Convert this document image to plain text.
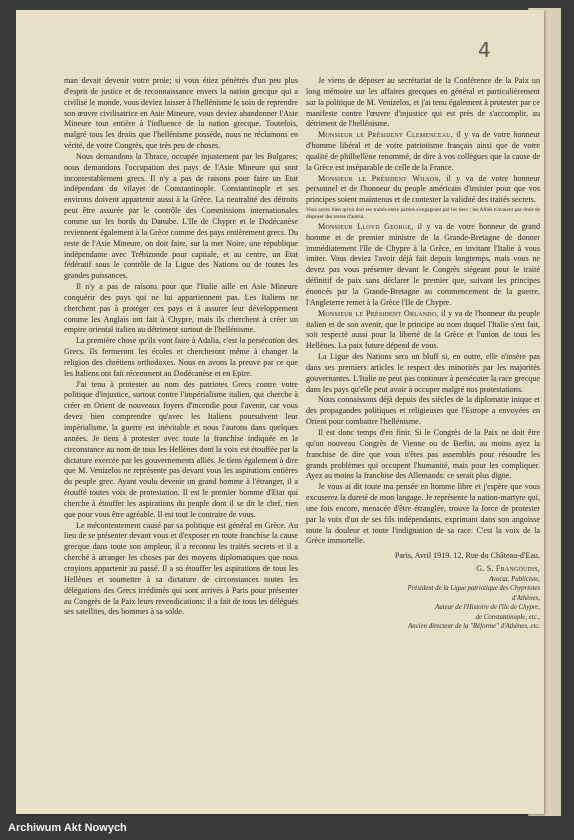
4

man devait devenir votre proie; si vous étiez pénétrés d'un peu plus d'esprit de justice et de reconnaissance envers la nation grecque qui a civilisé le monde, vous deviez laisser à l'hellénisme le soin de reprendre son œuvre civilisatrice en Asie Mineure, vous deviez abandonner l'Asie Mineure tout entière à l'influence de la nation grecque. Toutefois, malgré tous les droits que l'hellénisme possède, nous ne réclamons en vérité, de votre Congrès, que très peu de choses.

Nous demandons la Thrace, occupée injustement par les Bulgares; nous demandons l'occupation des pays de l'Asie Mineure qui sont incontestablement grecs. Il n'y a pas de raisons pour faire un Etat indépendant du vilayet de Constantinople. Constantinople et ses environs doivent appartenir aussi à la Grèce. La neutralité des détroits peut être assurée par le contrôle des Commissions internationales comme sur les bords du Danube. L'Ile de Chypre et le Dodécanèse reviennent également à la Grèce comme des pays entièrement grecs. Du reste de l'Asie Mineure, on doit faire, sur la mer Noire, une république indépendante avec Trébizonde pour capitale, et au centre, un Etat fédératif sous le contrôle de la Ligue des Nations ou de toutes les grandes puissances.

Il n'y a pas de raisons pour que l'Italie aille en Asie Mineure conquérir des pays qui ne lui appartiennent pas. Les Italiens ne cherchent pas à protéger ces pays et à assurer leur développement comme les Anglais ont fait à Chypre, mais ils cherchent à créer un empire oriental italien au détriment surtout de l'hellénisme.

La première chose qu'ils vont faire à Adalia, c'est la persécution des Grecs. Ils fermeront les écoles et chercheront même à changer la religion des chrétiens orthodoxes. Nous en avons la preuve par ce que les Italiens ont fait récemment au Dodécanèse et en Epire.

J'ai tenu à protester au nom des patriotes Grecs contre votre politique d'injustice, surtout contre l'impérialisme italien, qui cherche à créer en Orient de nouveaux foyers d'incendie pour l'avenir, car vous devez bien comprendre qu'avec les Italiens poursuivent leur impérialisme, la guerre est inévitable et nous l'aurons dans quelques années. Je tiens à protester avec toute la franchise indiquée en la circonstance au nom de tous les Hellènes dont la voix est étouffée par la dictature exercée par les gouvernements alliés. Je tiens également à dire que M. Venizelos ne représente pas devant vous les aspirations entières du peuple grec. Ayant voulu devenir un grand homme à l'étranger, il a étouffé toutes voix de protestation. Il est le premier homme d'Etat qui cherche à étouffer les aspirations du peuple dont il se dit le chef, rien que pour vous être agréable. Il est tout le contraire de vous.

Le mécontentement causé par sa politique est général en Grèce. Au lieu de se présenter devant vous et d'exposer en toute franchise la cause grecque dans toute son ampleur, il a reconnu les traités secrets et il a cherché à arranger les choses par des moyens diplomatiques que nous croyions appartenir au passé. Il a su étouffer les aspirations de tous les Hellènes et soumettre à sa dictature de circonstances toutes les délégations des Grecs irrédimés qui sont arrivés à Paris pour présenter au Congrès de la Paix leurs revendications: il a fait de tous les délégués ses satellites, des hommes à sa solde.

Je viens de déposer au secrétariat de la Conférence de la Paix un long mémoire sur les affaires grecques en général et particulièrement sur la politique de M. Venizelos, et j'ai tenu également à protester par ce manifeste contre l'œuvre d'injustice qui est près de s'accomplir, au détriment de l'hellénisme.

Monsieur le Président Clemenceau, il y va de votre honneur d'homme libéral et de votre patriotisme français ainsi que de votre qualité de philhellène renommé, de dire à vos collègues que la cause de la Grèce est inséparable de celle de la France.

Monsieur le Président Wilson, il y va de votre honneur personnel et de l'honneur du peuple américain d'insister pour que vos principes soient maintenus et de contester la validité des traités secrets.

Vous savez bien qu'on doit ses traités entre parties s'engageant par les tiers ; les Alliés n'avaient pas droit de disposer des terres d'autrui.

Monsieur Lloyd George, il y va de votre honneur de grand homme et de premier ministre de la Grande-Bretagne de donner immédiatement l'île de Chypre à la Grèce, en invitant l'Italie à vous imiter. Vous deviez l'avoir déjà fait depuis longtemps, mais vous ne devez pas vous présenter devant le Congrès siégeant pour le traité définitif de paix sans déclarer le premier que, suivant les principes énoncés par la Grande-Bretagne au commencement de la guerre, l'Angleterre remet à la Grèce l'Ile de Chypre.

Monsieur le Président Orlando, il y va de l'honneur du peuple italien et de son avenir, que le principe au nom duquel l'Italie s'est fait, soit respecté aussi pour la liberté de la Grèce et l'union de tous les Hellènes. La paix future dépend de vous.

La Ligue des Nations sera un bluff si, en outre, elle n'insère pas dans ses premiers articles le respect des minorités par les majorités gouvernantes. L'Italie ne peut pas continuer à persécuter la race grecque dans les pays qu'elle peut avoir à occuper malgré nos protestations.

Nous connaissons déjà depuis des siècles de la diplomatie inique et des propagandes politiques et religieuses que l'Europe a envoyées en Orient pour combattre l'hellénisme.

Il est donc temps d'en finir. Si le Congrès de la Paix ne doit être qu'un nouveau Congrès de Vienne ou de Berlin, au moins ayez la franchise de dire que vous n'êtes pas assemblés pour résoudre les grands problèmes qui occupent l'humanité, mais pour les compliquer. Ayez au moins la franchise des Allemands: ce serait plus digne.

Je vous ai dit toute ma pensée en homme libre et j'espère que vous excuserez la dureté de mon langage. Je représente la nation-martyre qui, une fois encore, menacée d'être étranglée, trouve la force de protester par la voix d'un de ses fils indépendants, exprimant dans son angoisse toute la douleur et toute l'indignation de sa race. C'est la voix de la Grèce immortelle.

Paris, Avril 1919. 12, Rue du Château-d'Eau.

G. S. Frangoudis,

Avocat, Publiciste,

Président de la Ligue patriotique des Chypriotes

d'Athènes,

Auteur de l'Histoire de l'île de Chypre,

de Constantinople, etc.,

Ancien directeur de la "Réforme" d'Athènes, etc.

Archiwum Akt Nowych
